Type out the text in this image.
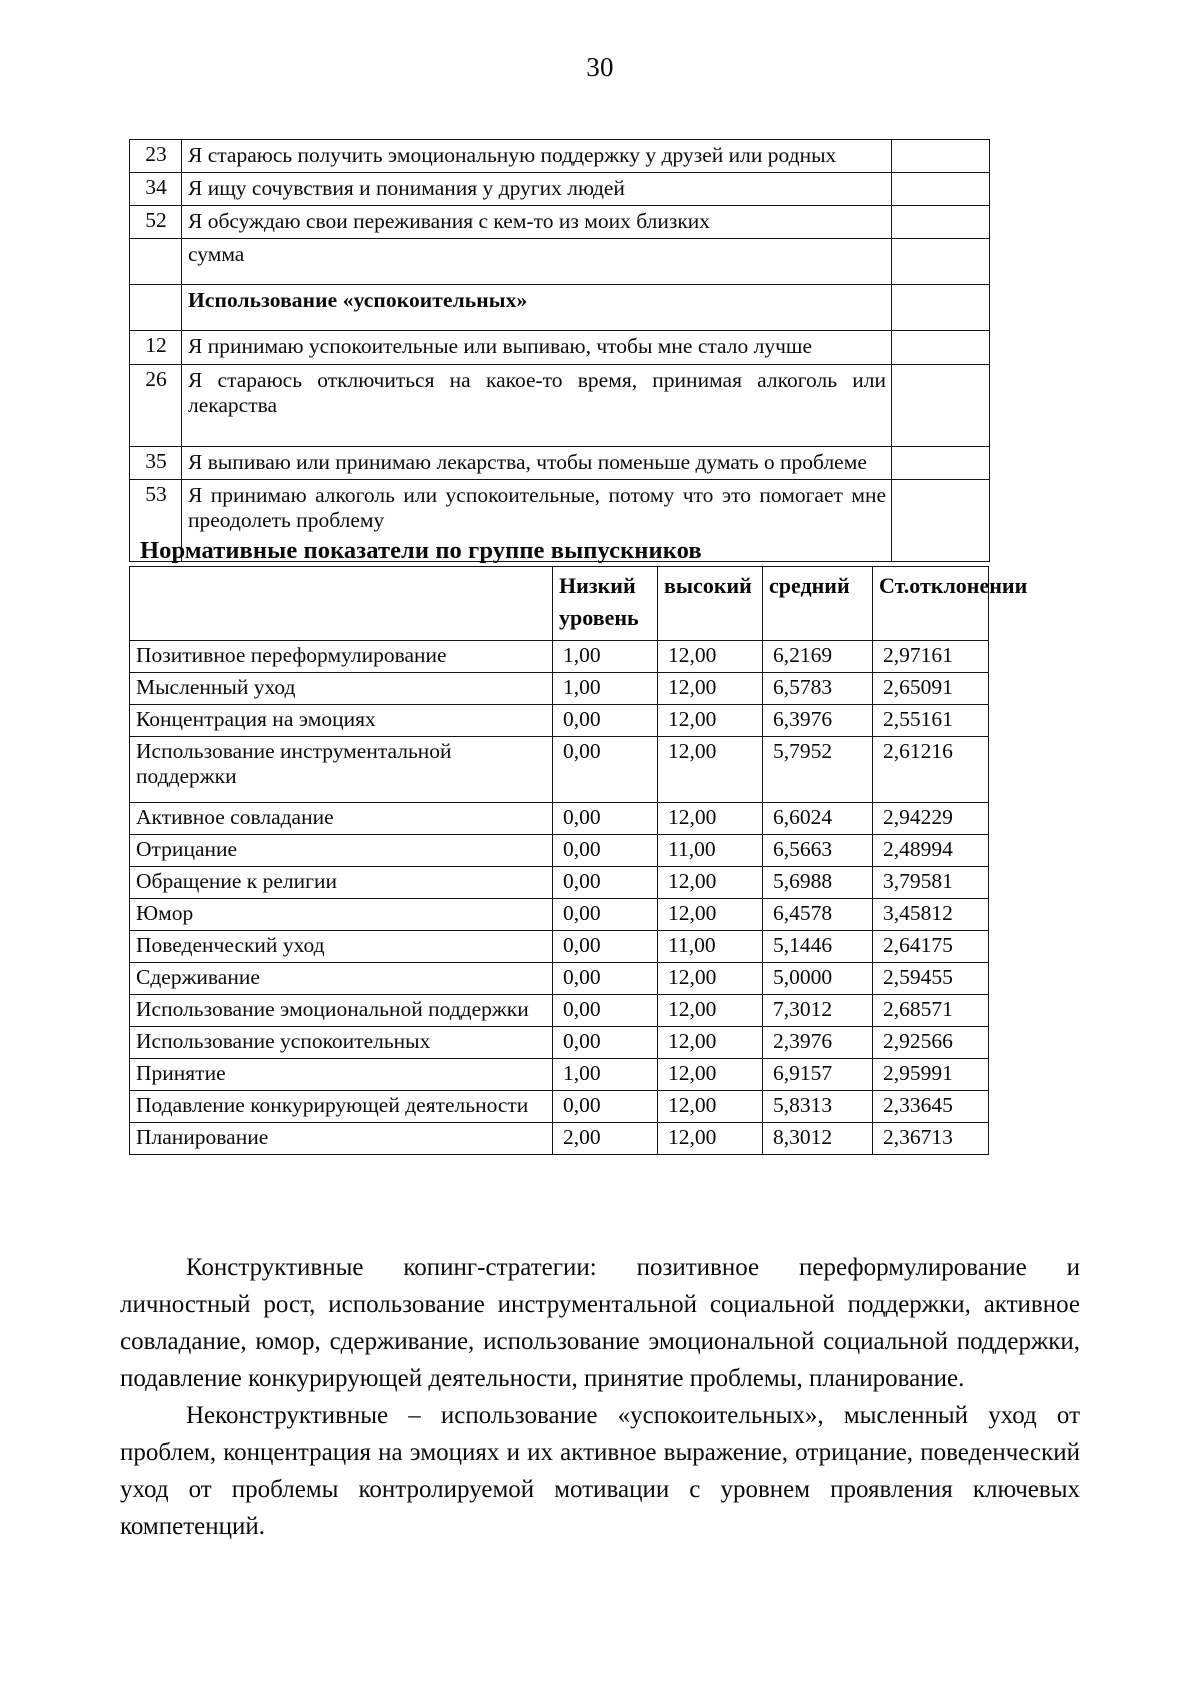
30
23	Я стараюсь получить эмоциональную поддержку у друзей или родных	
34	Я ищу сочувствия и понимания у других людей	
52	Я обсуждаю свои переживания с кем-то из моих близких	
	сумма	
	Использование «успокоительных»	
12	Я принимаю успокоительные или выпиваю, чтобы мне стало лучше	
26	Я стараюсь отключиться на какое-то время, принимая алкоголь или лекарства	
35	Я выпиваю или принимаю лекарства, чтобы поменьше думать о проблеме	
53	Я принимаю алкоголь или успокоительные, потому что это помогает мне преодолеть проблему	
Нормативные показатели по группе выпускников
	Низкий уровень	высокий	средний	Ст.отклонении
Позитивное переформулирование	1,00	12,00	6,2169	2,97161
Мысленный уход	1,00	12,00	6,5783	2,65091
Концентрация на эмоциях	0,00	12,00	6,3976	2,55161
Использование инструментальной поддержки	0,00	12,00	5,7952	2,61216
Активное совладание	0,00	12,00	6,6024	2,94229
Отрицание	0,00	11,00	6,5663	2,48994
Обращение к религии	0,00	12,00	5,6988	3,79581
Юмор	0,00	12,00	6,4578	3,45812
Поведенческий уход	0,00	11,00	5,1446	2,64175
Сдерживание	0,00	12,00	5,0000	2,59455
Использование эмоциональной поддержки	0,00	12,00	7,3012	2,68571
Использование успокоительных	0,00	12,00	2,3976	2,92566
Принятие	1,00	12,00	6,9157	2,95991
Подавление конкурирующей деятельности	0,00	12,00	5,8313	2,33645
Планирование	2,00	12,00	8,3012	2,36713

Конструктивные копинг-стратегии: позитивное переформулирование и личностный рост, использование инструментальной социальной поддержки, активное совладание, юмор, сдерживание, использование эмоциональной социальной поддержки, подавление конкурирующей деятельности, принятие проблемы, планирование.

Неконструктивные – использование «успокоительных», мысленный уход от проблем, концентрация на эмоциях и их активное выражение, отрицание, поведенческий уход от проблемы контролируемой мотивации с уровнем проявления ключевых компетенций.
